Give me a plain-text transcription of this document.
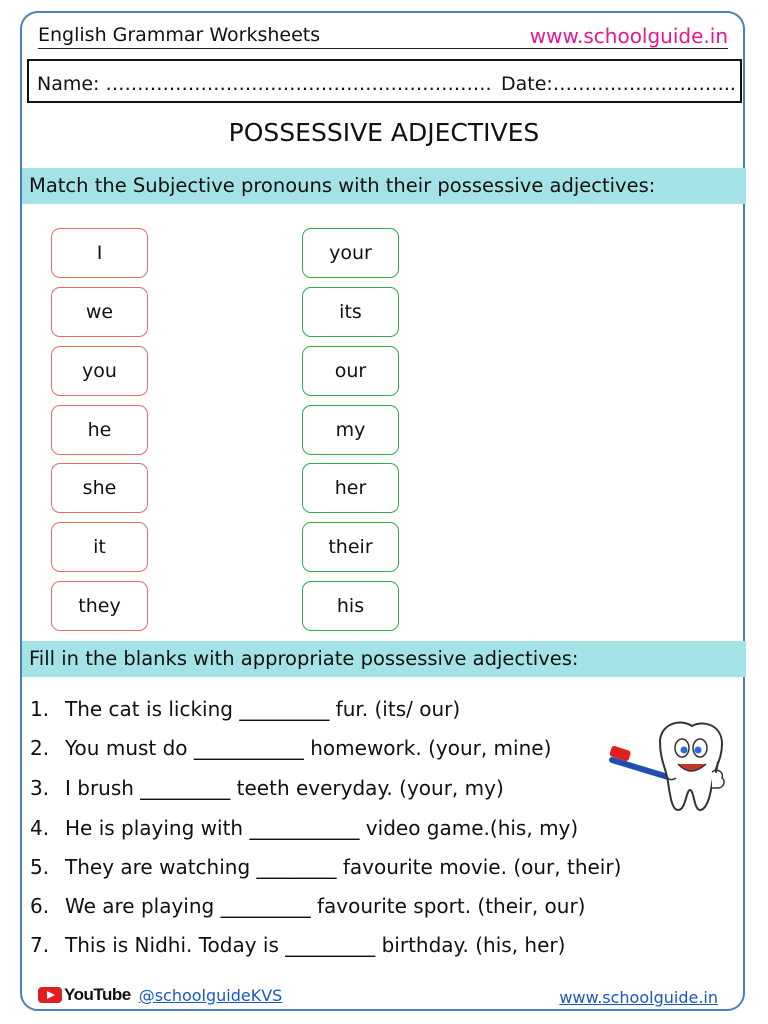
English Grammar Worksheets	www.schoolguide.in
Name: ……………………………………………………. Date:………………………..
POSSESSIVE ADJECTIVES
Match the Subjective pronouns with their possessive adjectives:
I
we
you
he
she
it
they
your
its
our
my
her
their
his
Fill in the blanks with appropriate possessive adjectives:
1. The cat is licking _________ fur. (its/ our)
2. You must do ___________ homework. (your, mine)
3. I brush _________ teeth everyday. (your, my)
4. He is playing with ___________ video game.(his, my)
5. They are watching ________ favourite movie. (our, their)
6. We are playing _________ favourite sport. (their, our)
7. This is Nidhi. Today is _________ birthday. (his, her)
YouTube @schoolguideKVS	www.schoolguide.in
